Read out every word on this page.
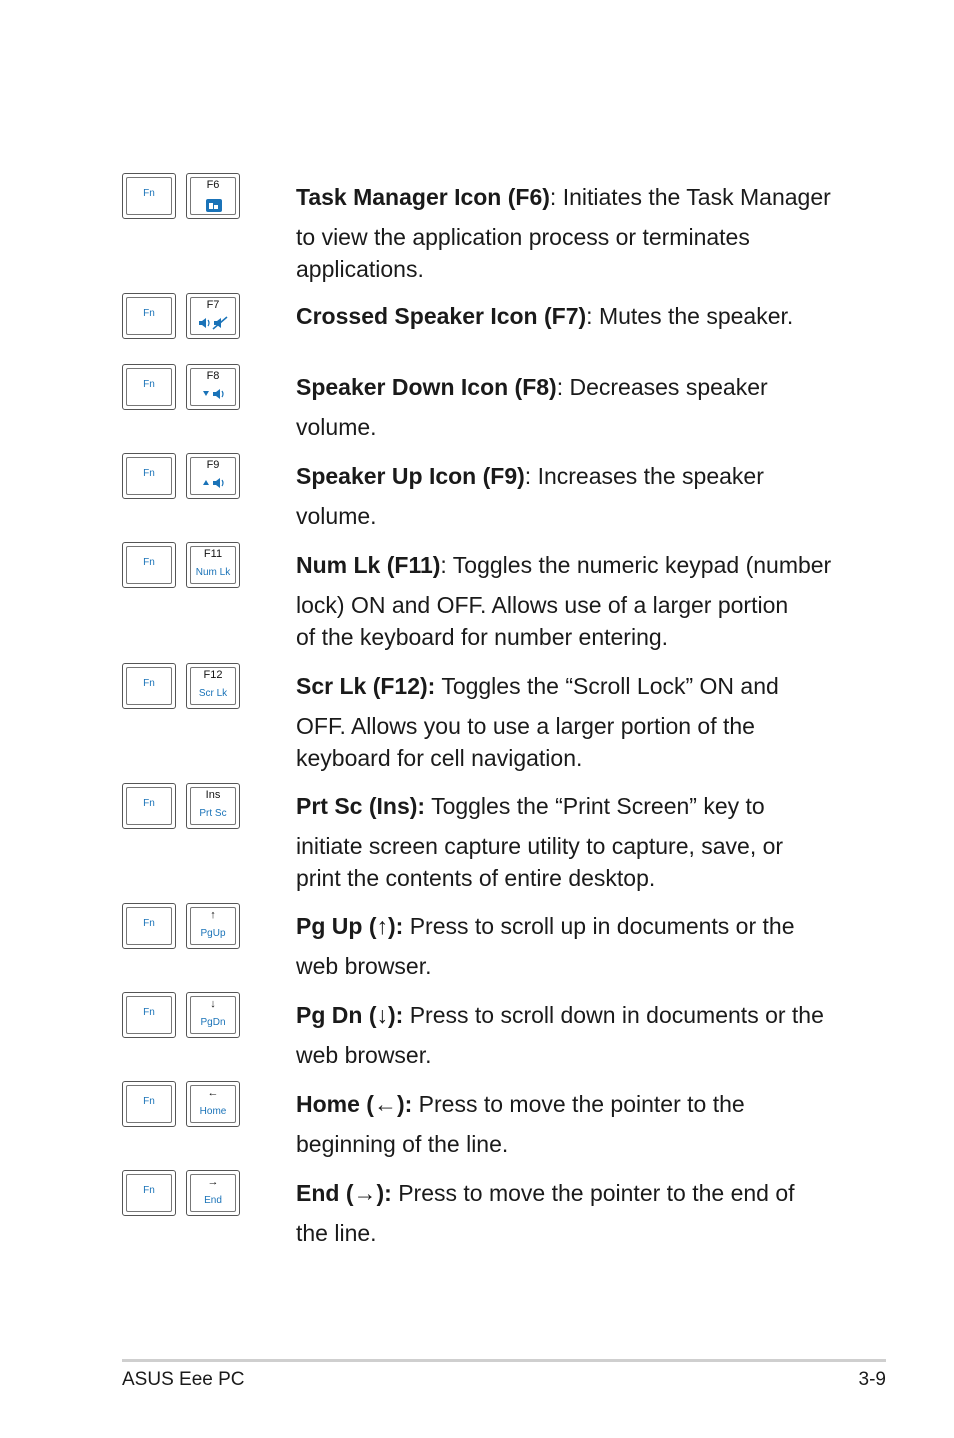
Fn
F6	Task Manager Icon (F6): Initiates the Task Manager

to view the application process or terminates applications.

Fn
F7	Crossed Speaker Icon (F7): Mutes the speaker.

Fn
F8	Speaker Down Icon (F8): Decreases speaker

volume.

Fn
F9	Speaker Up Icon (F9): Increases the speaker

volume.

Fn
F11
Num Lk	Num Lk (F11): Toggles the numeric keypad (number

lock) ON and OFF. Allows use of a larger portion of the keyboard for number entering.

Fn
F12
Scr Lk	Scr Lk (F12): Toggles the “Scroll Lock” ON and

OFF. Allows you to use a larger portion of the keyboard for cell navigation.

Fn
Ins
Prt Sc	Prt Sc (Ins): Toggles the “Print Screen” key to

initiate screen capture utility to capture, save, or print the contents of entire desktop.

Fn
↑
PgUp	Pg Up (↑): Press to scroll up in documents or the

web browser.

Fn
↓
PgDn	Pg Dn (↓): Press to scroll down in documents or the

web browser.

Fn
←
Home	Home (←): Press to move the pointer to the

beginning of the line.

Fn
→
End	End (→): Press to move the pointer to the end of

the line.

ASUS Eee PC	3-9
